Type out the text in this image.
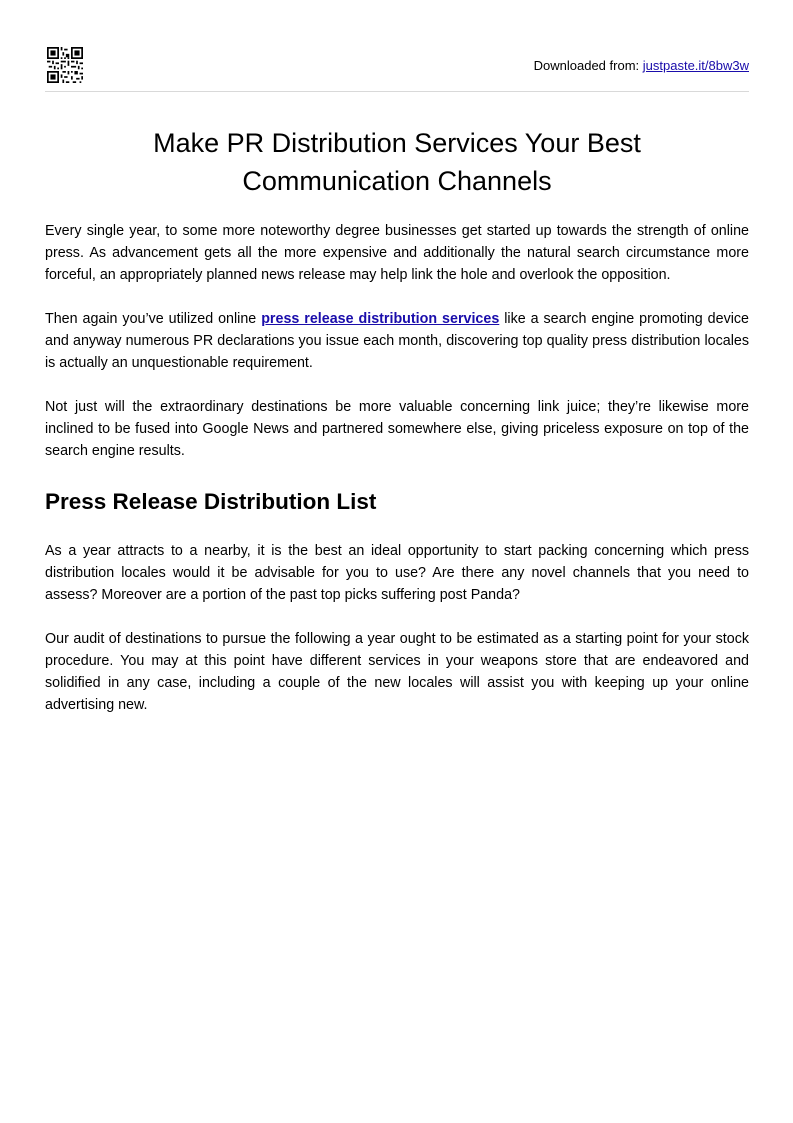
Downloaded from: justpaste.it/8bw3w
Make PR Distribution Services Your Best Communication Channels

Every single year, to some more noteworthy degree businesses get started up towards the strength of online press. As advancement gets all the more expensive and additionally the natural search circumstance more forceful, an appropriately planned news release may help link the hole and overlook the opposition.

Then again you’ve utilized online press release distribution services like a search engine promoting device and anyway numerous PR declarations you issue each month, discovering top quality press distribution locales is actually an unquestionable requirement.

Not just will the extraordinary destinations be more valuable concerning link juice; they’re likewise more inclined to be fused into Google News and partnered somewhere else, giving priceless exposure on top of the search engine results.

Press Release Distribution List

As a year attracts to a nearby, it is the best an ideal opportunity to start packing concerning which press distribution locales would it be advisable for you to use? Are there any novel channels that you need to assess? Moreover are a portion of the past top picks suffering post Panda?

Our audit of destinations to pursue the following a year ought to be estimated as a starting point for your stock procedure. You may at this point have different services in your weapons store that are endeavored and solidified in any case, including a couple of the new locales will assist you with keeping up your online advertising new.
